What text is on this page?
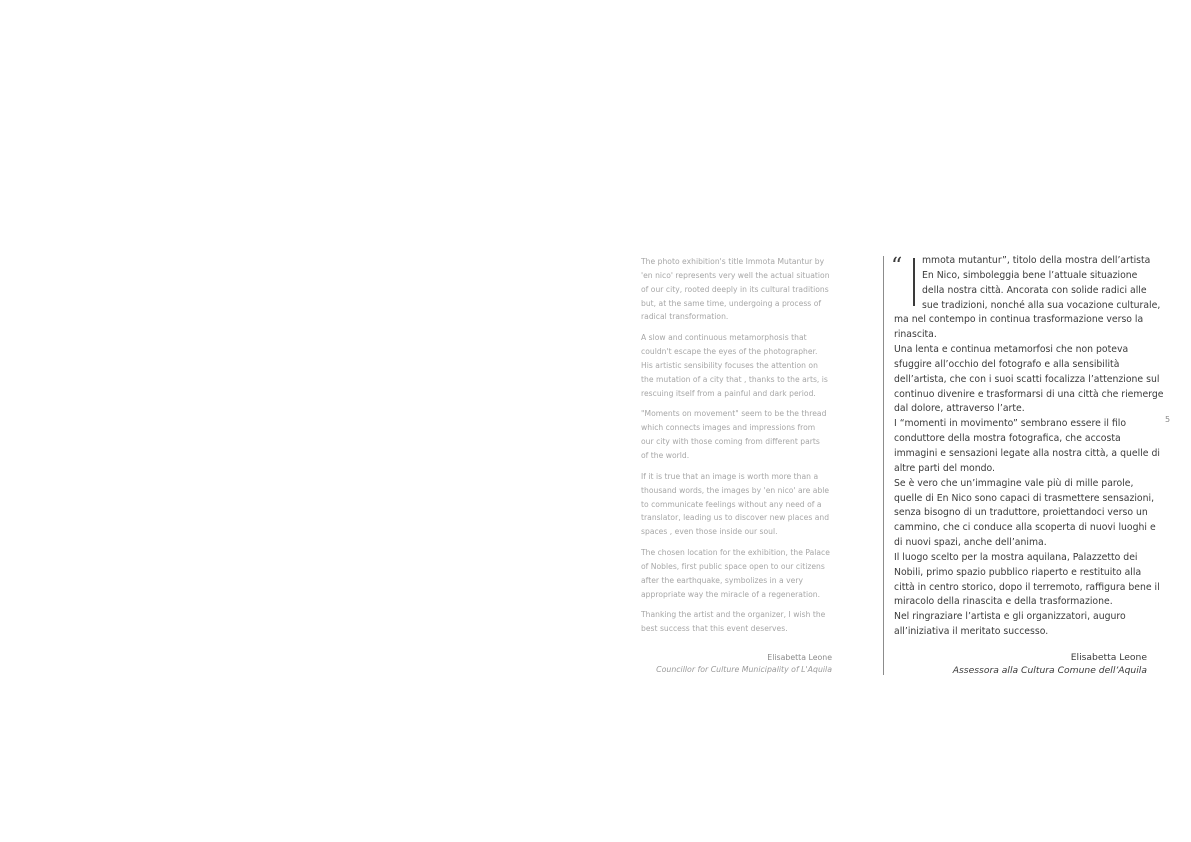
The photo exhibition's title Immota Mutantur by
'en nico' represents very well the actual situation
of our city, rooted deeply in its cultural traditions
but, at the same time, undergoing a process of
radical transformation.
A slow and continuous metamorphosis that
couldn't escape the eyes of the photographer.
His artistic sensibility focuses the attention on
the mutation of a city that , thanks to the arts, is
rescuing itself from a painful and dark period.
"Moments on movement" seem to be the thread
which connects images and impressions from
our city with those coming from different parts
of the world.
If it is true that an image is worth more than a
thousand words, the images by 'en nico' are able
to communicate feelings without any need of a
translator, leading us to discover new places and
spaces , even those inside our soul.
The chosen location for the exhibition, the Palace
of Nobles, first public space open to our citizens
after the earthquake, symbolizes in a very
appropriate way the miracle of a regeneration.
Thanking the artist and the organizer, I wish the
best success that this event deserves.
Elisabetta Leone
Councillor for Culture Municipality of L'Aquila
“	mmota mutantur”, titolo della mostra dell’artista
En Nico, simboleggia bene l’attuale situazione
della nostra città. Ancorata con solide radici alle
sue tradizioni, nonché alla sua vocazione culturale,
ma nel contempo in continua trasformazione verso la
rinascita.
Una lenta e continua metamorfosi che non poteva
sfuggire all’occhio del fotografo e alla sensibilità
dell’artista, che con i suoi scatti focalizza l’attenzione sul
continuo divenire e trasformarsi di una città che riemerge
dal dolore, attraverso l’arte.
I “momenti in movimento” sembrano essere il filo
conduttore della mostra fotografica, che accosta
immagini e sensazioni legate alla nostra città, a quelle di
altre parti del mondo.
Se è vero che un’immagine vale più di mille parole,
quelle di En Nico sono capaci di trasmettere sensazioni,
senza bisogno di un traduttore, proiettandoci verso un
cammino, che ci conduce alla scoperta di nuovi luoghi e
di nuovi spazi, anche dell’anima.
Il luogo scelto per la mostra aquilana, Palazzetto dei
Nobili, primo spazio pubblico riaperto e restituito alla
città in centro storico, dopo il terremoto, raffigura bene il
miracolo della rinascita e della trasformazione.
Nel ringraziare l’artista e gli organizzatori, auguro
all’iniziativa il meritato successo.
Elisabetta Leone
Assessora alla Cultura Comune dell’Aquila
5
